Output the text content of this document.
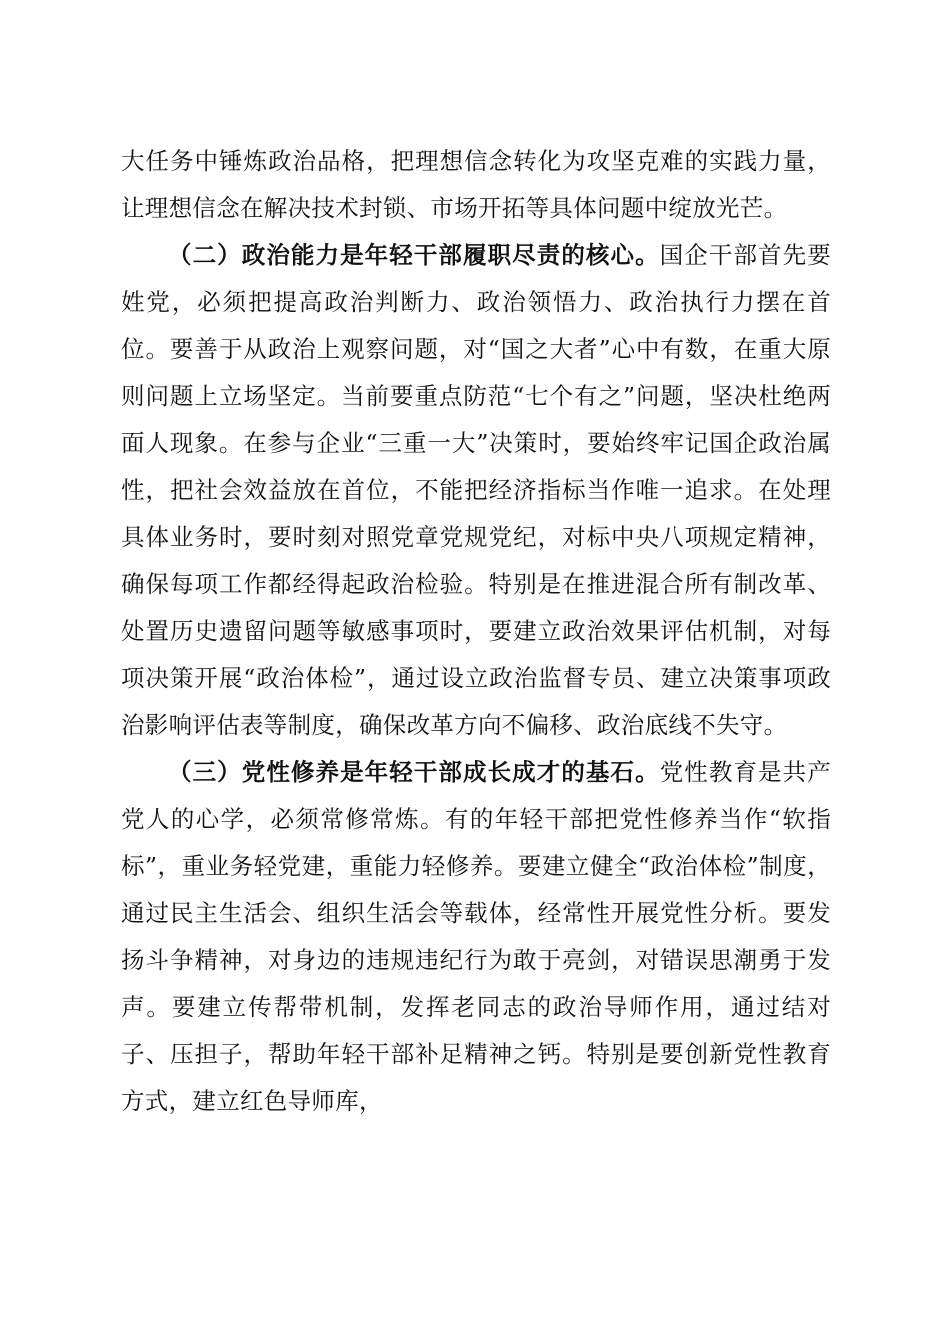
大任务中锤炼政治品格，把理想信念转化为攻坚克难的实践力量，让理想信念在解决技术封锁、市场开拓等具体问题中绽放光芒。

（二）政治能力是年轻干部履职尽责的核心。国企干部首先要姓党，必须把提高政治判断力、政治领悟力、政治执行力摆在首位。要善于从政治上观察问题，对“国之大者”心中有数，在重大原则问题上立场坚定。当前要重点防范“七个有之”问题，坚决杜绝两面人现象。在参与企业“三重一大”决策时，要始终牢记国企政治属性，把社会效益放在首位，不能把经济指标当作唯一追求。在处理具体业务时，要时刻对照党章党规党纪，对标中央八项规定精神，确保每项工作都经得起政治检验。特别是在推进混合所有制改革、处置历史遗留问题等敏感事项时，要建立政治效果评估机制，对每项决策开展“政治体检”，通过设立政治监督专员、建立决策事项政治影响评估表等制度，确保改革方向不偏移、政治底线不失守。

（三）党性修养是年轻干部成长成才的基石。党性教育是共产党人的心学，必须常修常炼。有的年轻干部把党性修养当作“软指标”，重业务轻党建，重能力轻修养。要建立健全“政治体检”制度，通过民主生活会、组织生活会等载体，经常性开展党性分析。要发扬斗争精神，对身边的违规违纪行为敢于亮剑，对错误思潮勇于发声。要建立传帮带机制，发挥老同志的政治导师作用，通过结对子、压担子，帮助年轻干部补足精神之钙。特别是要创新党性教育方式，建立红色导师库，
